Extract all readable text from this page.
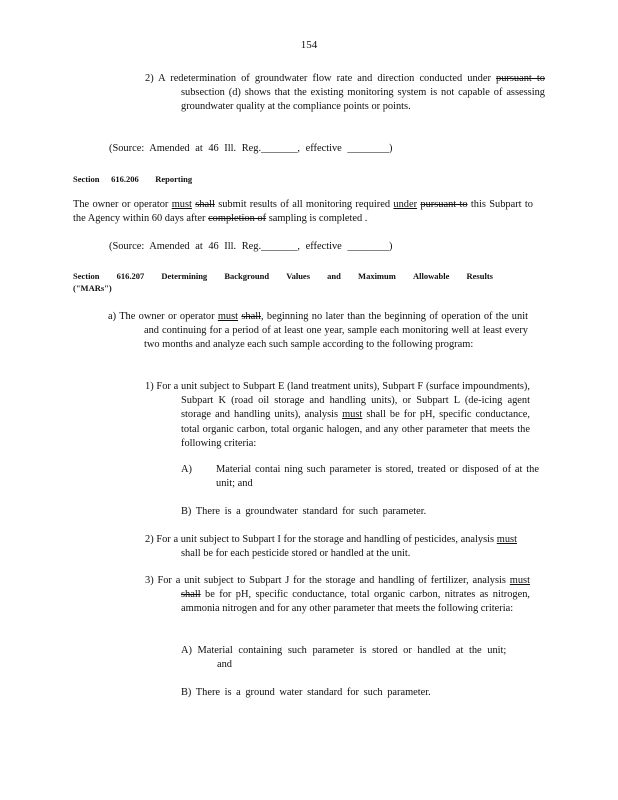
154

2) A redetermination of groundwater flow rate and direction conducted under pursuant to subsection (d) shows that the existing monitoring system is not capable of assessing groundwater quality at the compliance points or points.

(Source: Amended at 46 Ill. Reg._______, effective ________)
Section 616.206 Reporting
The owner or operator must shall submit results of all monitoring required under pursuant to this Subpart to the Agency within 60 days after completion of sampling is completed .
(Source: Amended at 46 Ill. Reg._______, effective ________)
Section 616.207 Determining Background Values and Maximum Allowable Results
("MARs")

a) The owner or operator must shall, beginning no later than the beginning of operation of the unit and continuing for a period of at least one year, sample each monitoring well at least every two months and analyze each such sample according to the following program:

1) For a unit subject to Subpart E (land treatment units), Subpart F (surface impoundments), Subpart K (road oil storage and handling units), or Subpart L (de-icing agent storage and handling units), analysis must shall be for pH, specific conductance, total organic carbon, total organic halogen, and any other parameter that meets the following criteria:

A) Material contai ning such parameter is stored, treated or disposed of at the unit; and

B) There is a groundwater standard for such parameter.

2) For a unit subject to Subpart I for the storage and handling of pesticides, analysis must shall be for each pesticide stored or handled at the unit.

3) For a unit subject to Subpart J for the storage and handling of fertilizer, analysis must shall be for pH, specific conductance, total organic carbon, nitrates as nitrogen, ammonia nitrogen and for any other parameter that meets the following criteria:

A) Material containing such parameter is stored or handled at the unit;
and
B) There is a ground water standard for such parameter.
